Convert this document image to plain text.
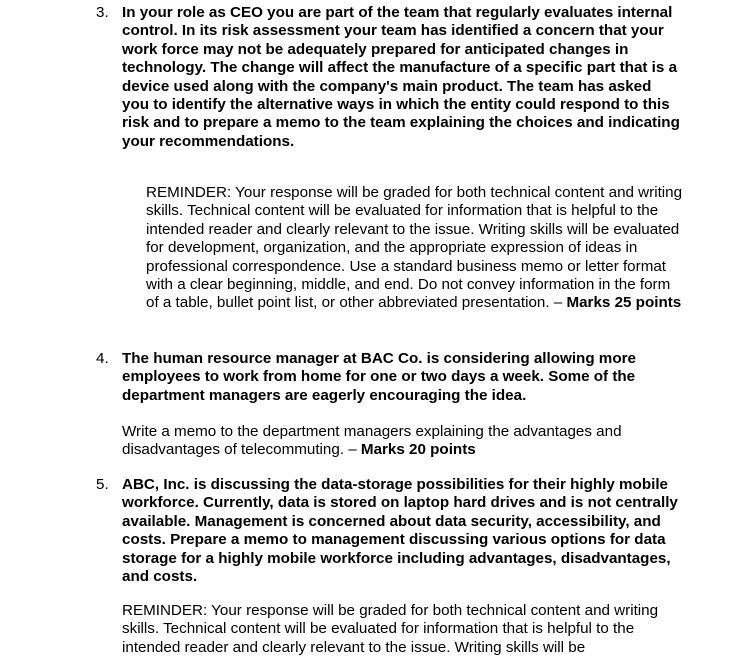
3. In your role as CEO you are part of the team that regularly evaluates internal control. In its risk assessment your team has identified a concern that your work force may not be adequately prepared for anticipated changes in technology. The change will affect the manufacture of a specific part that is a device used along with the company's main product. The team has asked you to identify the alternative ways in which the entity could respond to this risk and to prepare a memo to the team explaining the choices and indicating your recommendations.
REMINDER: Your response will be graded for both technical content and writing skills. Technical content will be evaluated for information that is helpful to the intended reader and clearly relevant to the issue. Writing skills will be evaluated for development, organization, and the appropriate expression of ideas in professional correspondence. Use a standard business memo or letter format with a clear beginning, middle, and end. Do not convey information in the form of a table, bullet point list, or other abbreviated presentation. – Marks 25 points
4. The human resource manager at BAC Co. is considering allowing more employees to work from home for one or two days a week. Some of the department managers are eagerly encouraging the idea.
Write a memo to the department managers explaining the advantages and disadvantages of telecommuting. – Marks 20 points
5. ABC, Inc. is discussing the data-storage possibilities for their highly mobile workforce. Currently, data is stored on laptop hard drives and is not centrally available. Management is concerned about data security, accessibility, and costs. Prepare a memo to management discussing various options for data storage for a highly mobile workforce including advantages, disadvantages, and costs.
REMINDER: Your response will be graded for both technical content and writing skills. Technical content will be evaluated for information that is helpful to the intended reader and clearly relevant to the issue. Writing skills will be
